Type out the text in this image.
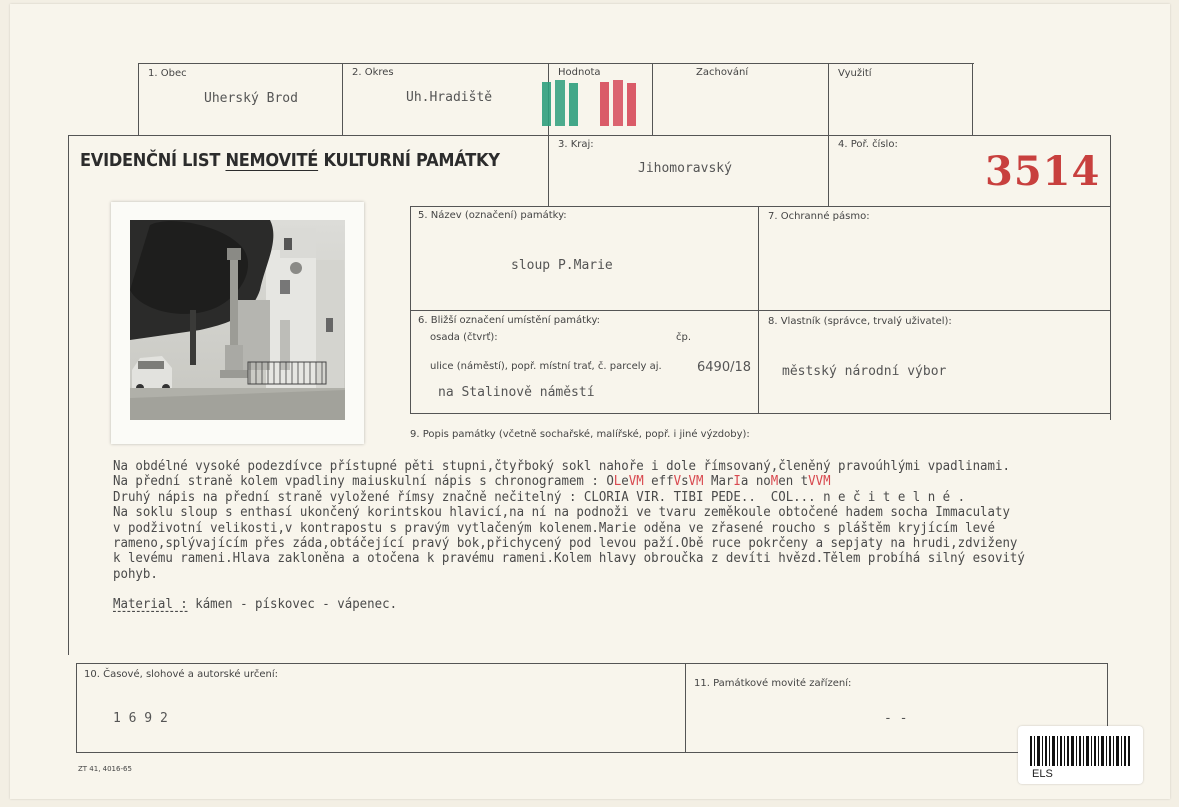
1. Obec
Uherský Brod
2. Okres
Uh.Hradiště
Hodnota	Zachování	Využití
EVIDENČNÍ LIST NEMOVITÉ KULTURNÍ PAMÁTKY
3. Kraj:
Jihomoravský
4. Poř. číslo:
3514
5. Název (označení) památky:
sloup P.Marie
7. Ochranné pásmo:
6. Bližší označení umístění památky:
osada (čtvrť):	čp.
ulice (náměstí), popř. místní trať, č. parcely aj.	6490/18
na Stalinově náměstí
8. Vlastník (správce, trvalý uživatel):
městský národní výbor
9. Popis památky (včetně sochařské, malířské, popř. i jiné výzdoby):
Na obdélné vysoké podezdívce přístupné pěti stupni,čtyřboký sokl nahoře i dole římsovaný,členěný pravoúhlými vpadlinami.
Na přední straně kolem vpadliny maiuskulní nápis s chronogramem : OLeVM effVsVM MarIa noMen tVVM
Druhý nápis na přední straně vyložené římsy značně nečitelný : CLORIA VIR. TIBI PEDE..  COL... n e č i t e l n é .
Na soklu sloup s enthasí ukončený korintskou hlavicí,na ní na podnoži ve tvaru zeměkoule obtočené hadem socha Immaculaty
v podživotní velikosti,v kontrapostu s pravým vytlačeným kolenem.Marie oděna ve zřasené roucho s pláštěm kryjícím levé
rameno,splývajícím přes záda,obtáčející pravý bok,přichycený pod levou paží.Obě ruce pokrčeny a sepjaty na hrudi,zdviženy
k levému rameni.Hlava zakloněna a otočena k pravému rameni.Kolem hlavy obroučka z devíti hvězd.Tělem probíhá silný esovitý
pohyb.
Material : kámen - pískovec - vápenec.
10. Časové, slohové a autorské určení:
1 6 9 2
11. Památkové movité zařízení:
- -
ZT 41, 4016-65	ELS
